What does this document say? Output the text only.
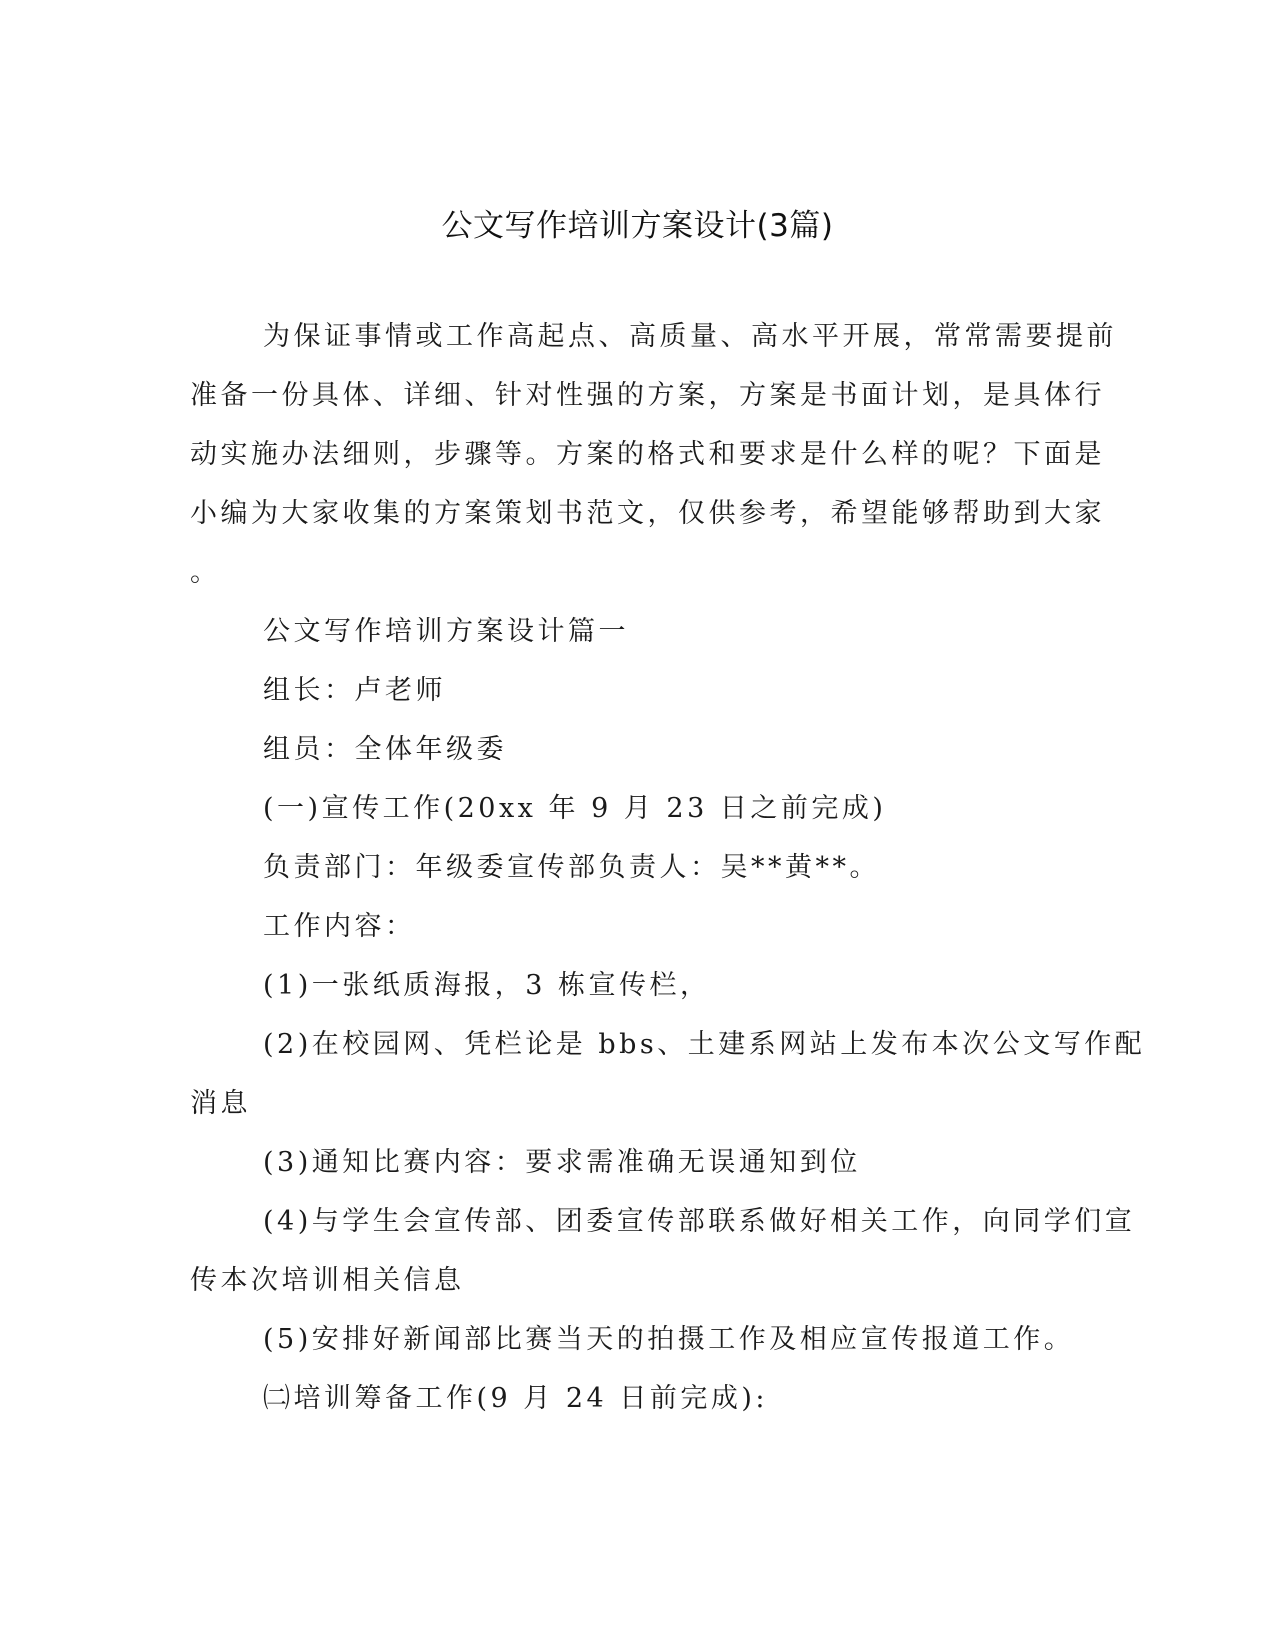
公文写作培训方案设计(3篇)
为保证事情或工作高起点、高质量、高水平开展，常常需要提前
准备一份具体、详细、针对性强的方案，方案是书面计划，是具体行
动实施办法细则，步骤等。方案的格式和要求是什么样的呢？下面是
小编为大家收集的方案策划书范文，仅供参考，希望能够帮助到大家
。
公文写作培训方案设计篇一
组长：卢老师
组员：全体年级委
(一)宣传工作(20xx 年 9 月 23 日之前完成)
负责部门：年级委宣传部负责人：吴**黄**。
工作内容：
(1)一张纸质海报，3 栋宣传栏，
(2)在校园网、凭栏论是 bbs、土建系网站上发布本次公文写作配
消息
(3)通知比赛内容：要求需准确无误通知到位
(4)与学生会宣传部、团委宣传部联系做好相关工作，向同学们宣
传本次培训相关信息
(5)安排好新闻部比赛当天的拍摄工作及相应宣传报道工作。
㈡培训筹备工作(9 月 24 日前完成):
